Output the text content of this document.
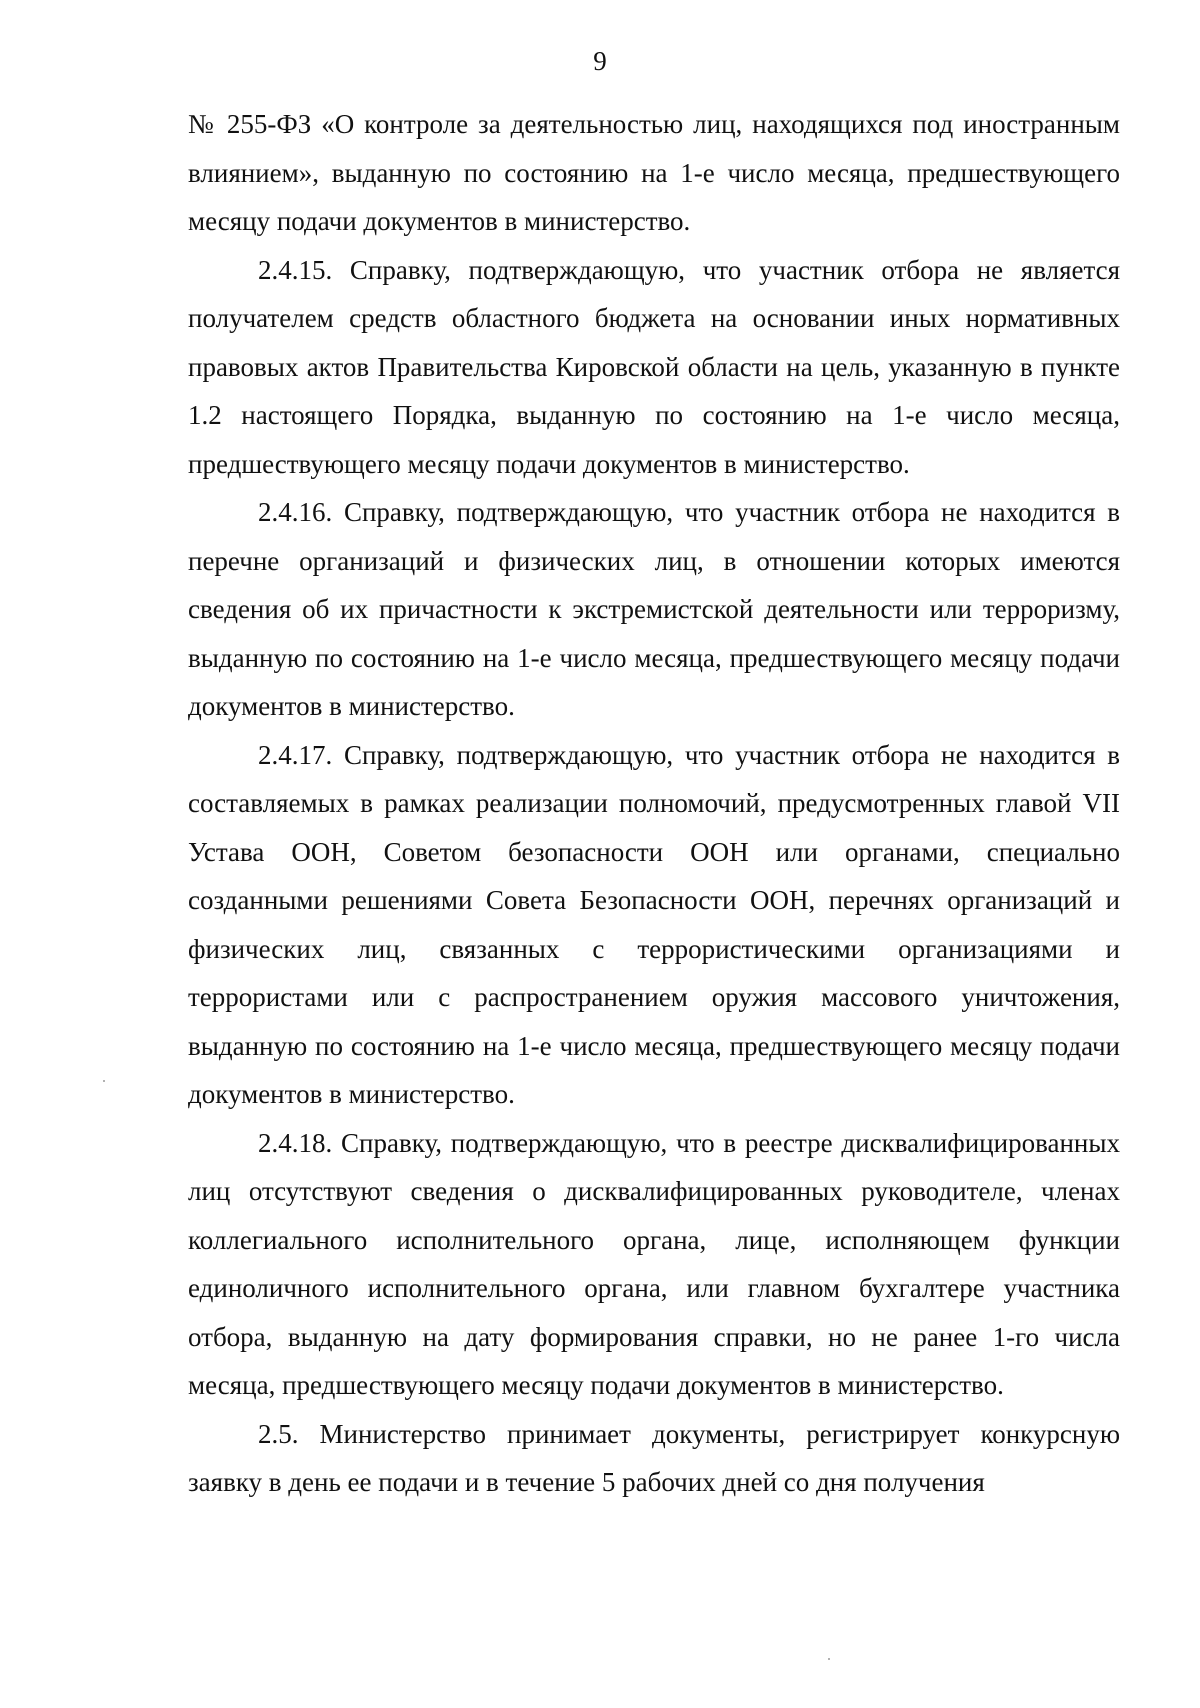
9

№ 255-ФЗ «О контроле за деятельностью лиц, находящихся под иностранным влиянием», выданную по состоянию на 1-е число месяца, предшествующего месяцу подачи документов в министерство.

2.4.15. Справку, подтверждающую, что участник отбора не является получателем средств областного бюджета на основании иных нормативных правовых актов Правительства Кировской области на цель, указанную в пункте 1.2 настоящего Порядка, выданную по состоянию на 1-е число месяца, предшествующего месяцу подачи документов в министерство.

2.4.16. Справку, подтверждающую, что участник отбора не находится в перечне организаций и физических лиц, в отношении которых имеются сведения об их причастности к экстремистской деятельности или терроризму, выданную по состоянию на 1-е число месяца, предшествующего месяцу подачи документов в министерство.

2.4.17. Справку, подтверждающую, что участник отбора не находится в составляемых в рамках реализации полномочий, предусмотренных главой VII Устава ООН, Советом безопасности ООН или органами, специально созданными решениями Совета Безопасности ООН, перечнях организаций и физических лиц, связанных с террористическими организациями и террористами или с распространением оружия массового уничтожения, выданную по состоянию на 1-е число месяца, предшествующего месяцу подачи документов в министерство.

2.4.18. Справку, подтверждающую, что в реестре дисквалифицированных лиц отсутствуют сведения о дисквалифицированных руководителе, членах коллегиального исполнительного органа, лице, исполняющем функции единоличного исполнительного органа, или главном бухгалтере участника отбора, выданную на дату формирования справки, но не ранее 1-го числа месяца, предшествующего месяцу подачи документов в министерство.

2.5. Министерство принимает документы, регистрирует конкурсную заявку в день ее подачи и в течение 5 рабочих дней со дня получения
